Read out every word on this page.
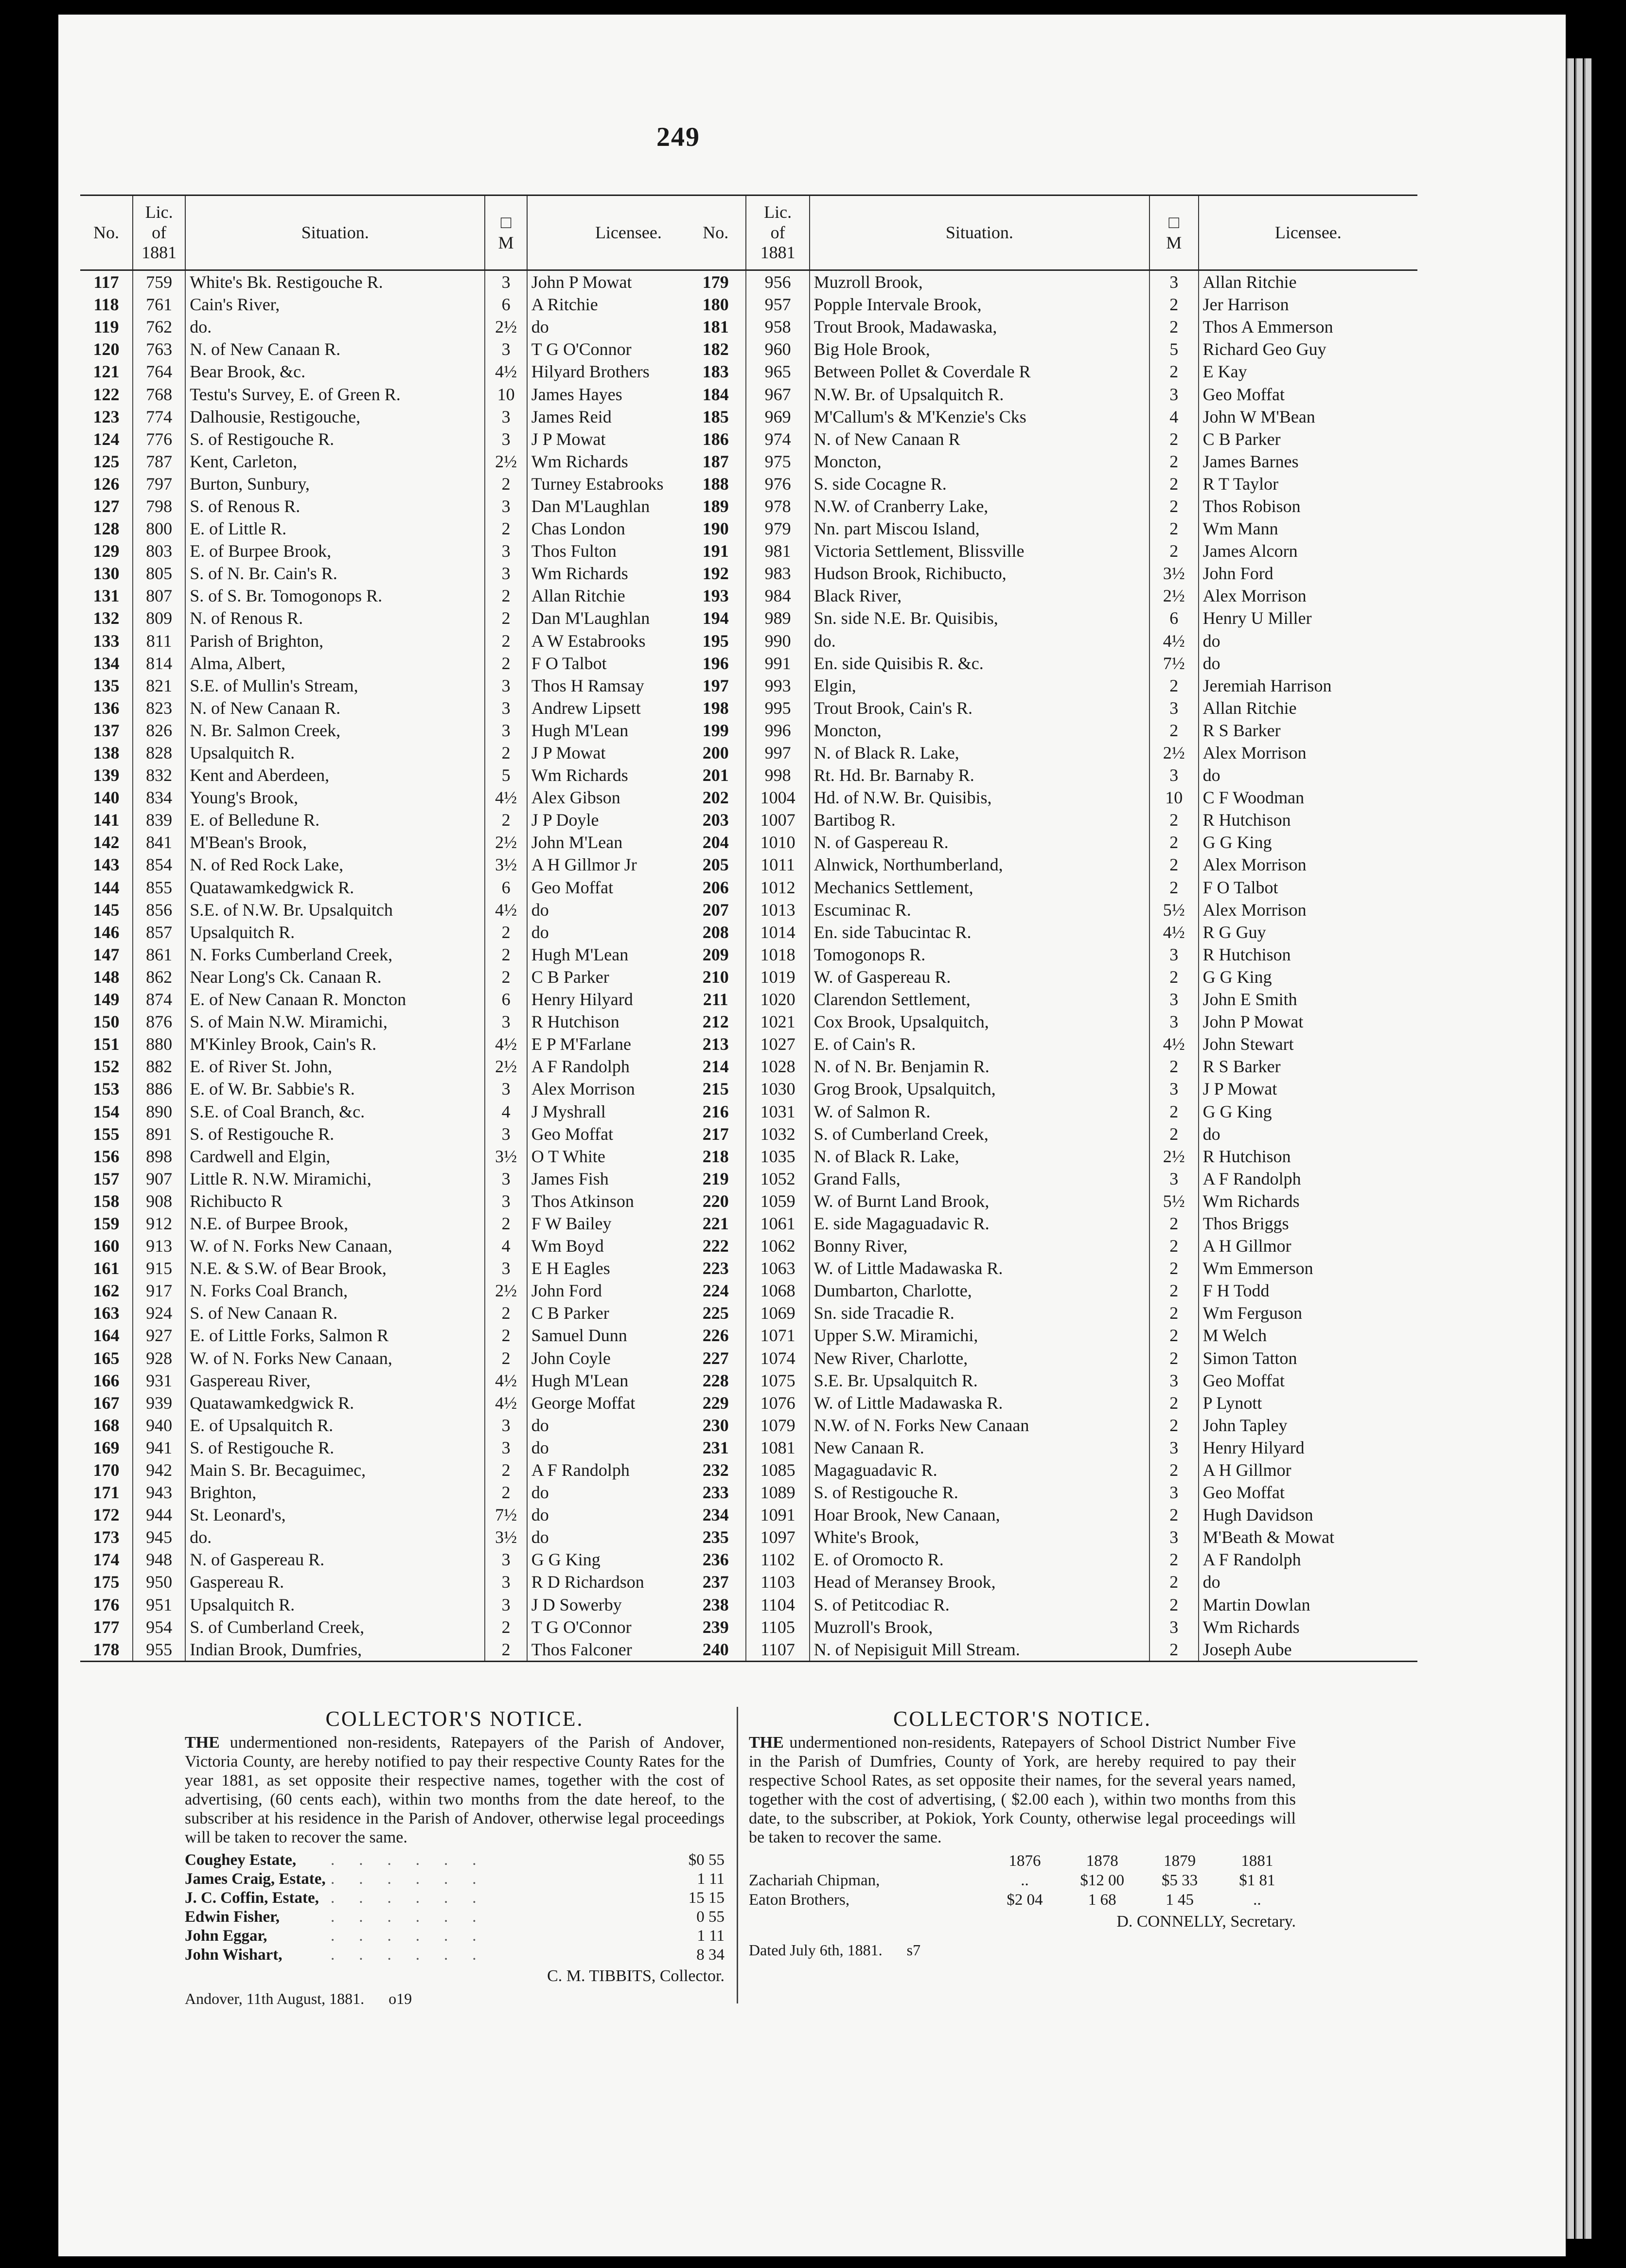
249
No.	Lic.
of
1881	Situation.	□
M	Licensee.
117	759	White's Bk. Restigouche R.	3	John P Mowat
118	761	Cain's River,	6	A Ritchie
119	762	do.	2½	do
120	763	N. of New Canaan R.	3	T G O'Connor
121	764	Bear Brook, &c.	4½	Hilyard Brothers
122	768	Testu's Survey, E. of Green R.	10	James Hayes
123	774	Dalhousie, Restigouche,	3	James Reid
124	776	S. of Restigouche R.	3	J P Mowat
125	787	Kent, Carleton,	2½	Wm Richards
126	797	Burton, Sunbury,	2	Turney Estabrooks
127	798	S. of Renous R.	3	Dan M'Laughlan
128	800	E. of Little R.	2	Chas London
129	803	E. of Burpee Brook,	3	Thos Fulton
130	805	S. of N. Br. Cain's R.	3	Wm Richards
131	807	S. of S. Br. Tomogonops R.	2	Allan Ritchie
132	809	N. of Renous R.	2	Dan M'Laughlan
133	811	Parish of Brighton,	2	A W Estabrooks
134	814	Alma, Albert,	2	F O Talbot
135	821	S.E. of Mullin's Stream,	3	Thos H Ramsay
136	823	N. of New Canaan R.	3	Andrew Lipsett
137	826	N. Br. Salmon Creek,	3	Hugh M'Lean
138	828	Upsalquitch R.	2	J P Mowat
139	832	Kent and Aberdeen,	5	Wm Richards
140	834	Young's Brook,	4½	Alex Gibson
141	839	E. of Belledune R.	2	J P Doyle
142	841	M'Bean's Brook,	2½	John M'Lean
143	854	N. of Red Rock Lake,	3½	A H Gillmor Jr
144	855	Quatawamkedgwick R.	6	Geo Moffat
145	856	S.E. of N.W. Br. Upsalquitch	4½	do
146	857	Upsalquitch R.	2	do
147	861	N. Forks Cumberland Creek,	2	Hugh M'Lean
148	862	Near Long's Ck. Canaan R.	2	C B Parker
149	874	E. of New Canaan R. Moncton	6	Henry Hilyard
150	876	S. of Main N.W. Miramichi,	3	R Hutchison
151	880	M'Kinley Brook, Cain's R.	4½	E P M'Farlane
152	882	E. of River St. John,	2½	A F Randolph
153	886	E. of W. Br. Sabbie's R.	3	Alex Morrison
154	890	S.E. of Coal Branch, &c.	4	J Myshrall
155	891	S. of Restigouche R.	3	Geo Moffat
156	898	Cardwell and Elgin,	3½	O T White
157	907	Little R. N.W. Miramichi,	3	James Fish
158	908	Richibucto R	3	Thos Atkinson
159	912	N.E. of Burpee Brook,	2	F W Bailey
160	913	W. of N. Forks New Canaan,	4	Wm Boyd
161	915	N.E. & S.W. of Bear Brook,	3	E H Eagles
162	917	N. Forks Coal Branch,	2½	John Ford
163	924	S. of New Canaan R.	2	C B Parker
164	927	E. of Little Forks, Salmon R	2	Samuel Dunn
165	928	W. of N. Forks New Canaan,	2	John Coyle
166	931	Gaspereau River,	4½	Hugh M'Lean
167	939	Quatawamkedgwick R.	4½	George Moffat
168	940	E. of Upsalquitch R.	3	do
169	941	S. of Restigouche R.	3	do
170	942	Main S. Br. Becaguimec,	2	A F Randolph
171	943	Brighton,	2	do
172	944	St. Leonard's,	7½	do
173	945	do.	3½	do
174	948	N. of Gaspereau R.	3	G G King
175	950	Gaspereau R.	3	R D Richardson
176	951	Upsalquitch R.	3	J D Sowerby
177	954	S. of Cumberland Creek,	2	T G O'Connor
178	955	Indian Brook, Dumfries,	2	Thos Falconer
No.	Lic.
of
1881	Situation.	□
M	Licensee.
179	956	Muzroll Brook,	3	Allan Ritchie
180	957	Popple Intervale Brook,	2	Jer Harrison
181	958	Trout Brook, Madawaska,	2	Thos A Emmerson
182	960	Big Hole Brook,	5	Richard Geo Guy
183	965	Between Pollet & Coverdale R	2	E Kay
184	967	N.W. Br. of Upsalquitch R.	3	Geo Moffat
185	969	M'Callum's & M'Kenzie's Cks	4	John W M'Bean
186	974	N. of New Canaan R	2	C B Parker
187	975	Moncton,	2	James Barnes
188	976	S. side Cocagne R.	2	R T Taylor
189	978	N.W. of Cranberry Lake,	2	Thos Robison
190	979	Nn. part Miscou Island,	2	Wm Mann
191	981	Victoria Settlement, Blissville	2	James Alcorn
192	983	Hudson Brook, Richibucto,	3½	John Ford
193	984	Black River,	2½	Alex Morrison
194	989	Sn. side N.E. Br. Quisibis,	6	Henry U Miller
195	990	do.	4½	do
196	991	En. side Quisibis R. &c.	7½	do
197	993	Elgin,	2	Jeremiah Harrison
198	995	Trout Brook, Cain's R.	3	Allan Ritchie
199	996	Moncton,	2	R S Barker
200	997	N. of Black R. Lake,	2½	Alex Morrison
201	998	Rt. Hd. Br. Barnaby R.	3	do
202	1004	Hd. of N.W. Br. Quisibis,	10	C F Woodman
203	1007	Bartibog R.	2	R Hutchison
204	1010	N. of Gaspereau R.	2	G G King
205	1011	Alnwick, Northumberland,	2	Alex Morrison
206	1012	Mechanics Settlement,	2	F O Talbot
207	1013	Escuminac R.	5½	Alex Morrison
208	1014	En. side Tabucintac R.	4½	R G Guy
209	1018	Tomogonops R.	3	R Hutchison
210	1019	W. of Gaspereau R.	2	G G King
211	1020	Clarendon Settlement,	3	John E Smith
212	1021	Cox Brook, Upsalquitch,	3	John P Mowat
213	1027	E. of Cain's R.	4½	John Stewart
214	1028	N. of N. Br. Benjamin R.	2	R S Barker
215	1030	Grog Brook, Upsalquitch,	3	J P Mowat
216	1031	W. of Salmon R.	2	G G King
217	1032	S. of Cumberland Creek,	2	do
218	1035	N. of Black R. Lake,	2½	R Hutchison
219	1052	Grand Falls,	3	A F Randolph
220	1059	W. of Burnt Land Brook,	5½	Wm Richards
221	1061	E. side Magaguadavic R.	2	Thos Briggs
222	1062	Bonny River,	2	A H Gillmor
223	1063	W. of Little Madawaska R.	2	Wm Emmerson
224	1068	Dumbarton, Charlotte,	2	F H Todd
225	1069	Sn. side Tracadie R.	2	Wm Ferguson
226	1071	Upper S.W. Miramichi,	2	M Welch
227	1074	New River, Charlotte,	2	Simon Tatton
228	1075	S.E. Br. Upsalquitch R.	3	Geo Moffat
229	1076	W. of Little Madawaska R.	2	P Lynott
230	1079	N.W. of N. Forks New Canaan	2	John Tapley
231	1081	New Canaan R.	3	Henry Hilyard
232	1085	Magaguadavic R.	2	A H Gillmor
233	1089	S. of Restigouche R.	3	Geo Moffat
234	1091	Hoar Brook, New Canaan,	2	Hugh Davidson
235	1097	White's Brook,	3	M'Beath & Mowat
236	1102	E. of Oromocto R.	2	A F Randolph
237	1103	Head of Meransey Brook,	2	do
238	1104	S. of Petitcodiac R.	2	Martin Dowlan
239	1105	Muzroll's Brook,	3	Wm Richards
240	1107	N. of Nepisiguit Mill Stream.	2	Joseph Aube
COLLECTOR'S NOTICE.
THE undermentioned non-residents, Ratepayers of the Parish of Andover, Victoria County, are hereby notified to pay their respective County Rates for the year 1881, as set opposite their respective names, together with the cost of advertising, (60 cents each), within two months from the date hereof, to the subscriber at his residence in the Parish of Andover, otherwise legal proceedings will be taken to recover the same.
Coughey Estate,	......	$0 55
James Craig, Estate, ......	1 11
J. C. Coffin, Estate, ......	15 15
Edwin Fisher,	......	0 55
John Eggar,	......	1 11
John Wishart,	......	8 34
C. M. TIBBITS, Collector.
Andover, 11th August, 1881. o19
COLLECTOR'S NOTICE.
THE undermentioned non-residents, Ratepayers of School District Number Five in the Parish of Dumfries, County of York, are hereby required to pay their respective School Rates, as set opposite their names, for the several years named, together with the cost of advertising, ( $2.00 each ), within two months from this date, to the subscriber, at Pokiok, York County, otherwise legal proceedings will be taken to recover the same.
1876	1878	1879	1881
Zachariah Chipman,	..	$12 00	$5 33	$1 81
Eaton Brothers,	$2 04	1 68	1 45	..
D. CONNELLY, Secretary.
Dated July 6th, 1881. s7
